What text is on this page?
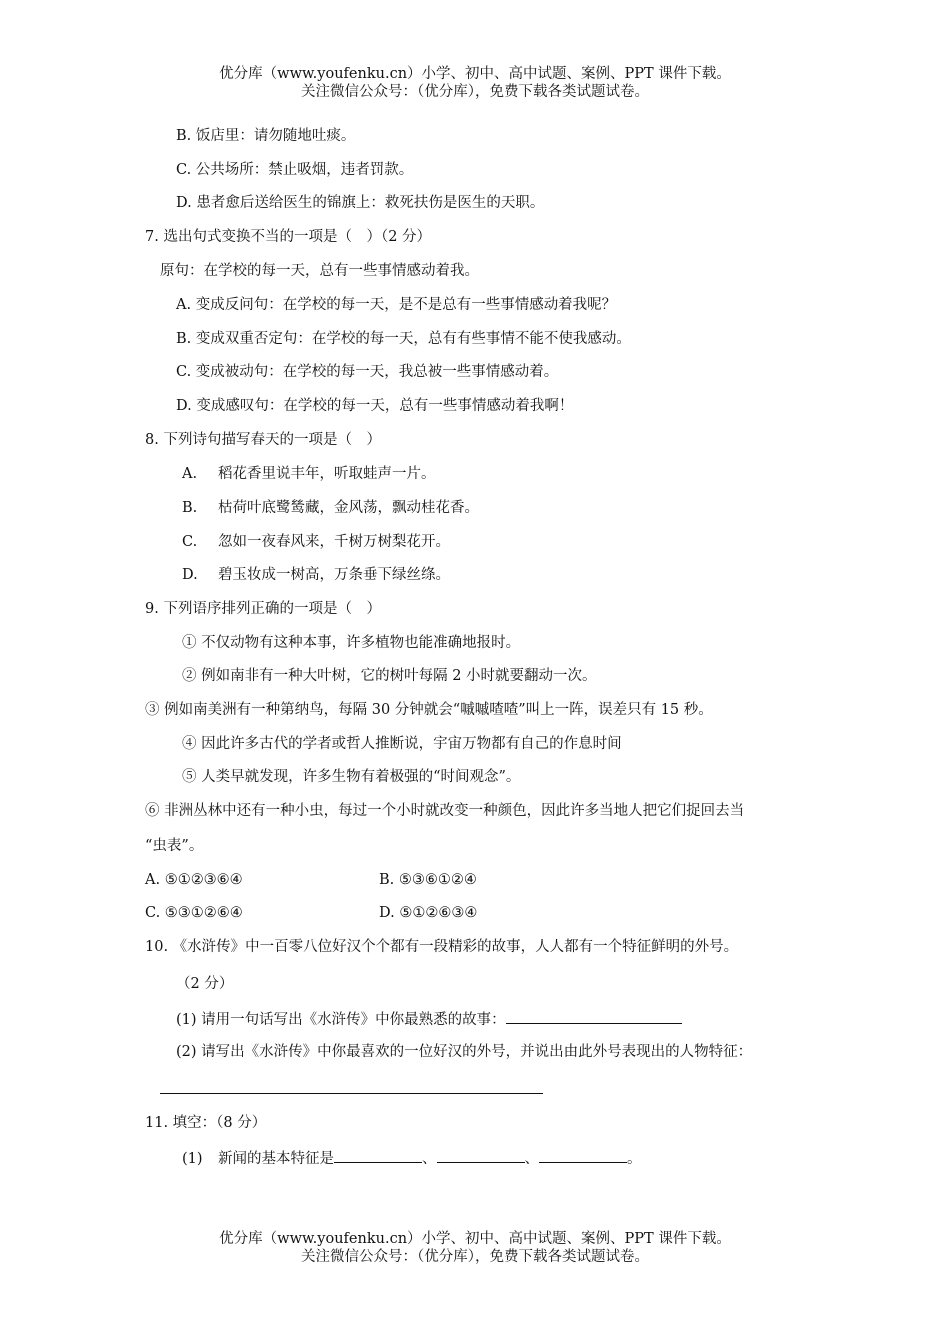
优分库（www.youfenku.cn）小学、初中、高中试题、案例、PPT 课件下载。
关注微信公众号：（优分库），免费下载各类试题试卷。
B. 饭店里：请勿随地吐痰。
C. 公共场所：禁止吸烟，违者罚款。
D. 患者愈后送给医生的锦旗上：救死扶伤是医生的天职。
7. 选出句式变换不当的一项是（　）（2 分）
原句：在学校的每一天，总有一些事情感动着我。
A. 变成反问句：在学校的每一天，是不是总有一些事情感动着我呢？
B. 变成双重否定句：在学校的每一天，总有有些事情不能不使我感动。
C. 变成被动句：在学校的每一天，我总被一些事情感动着。
D. 变成感叹句：在学校的每一天，总有一些事情感动着我啊！
8. 下列诗句描写春天的一项是（　）
A. 稻花香里说丰年，听取蛙声一片。
B. 枯荷叶底鹭鸶藏，金风荡，飘动桂花香。
C. 忽如一夜春风来，千树万树梨花开。
D. 碧玉妆成一树高，万条垂下绿丝绦。
9. 下列语序排列正确的一项是（　）
① 不仅动物有这种本事，许多植物也能准确地报时。
② 例如南非有一种大叶树，它的树叶每隔 2 小时就要翻动一次。
③ 例如南美洲有一种第纳鸟，每隔 30 分钟就会“嘁嘁喳喳”叫上一阵，误差只有 15 秒。
④ 因此许多古代的学者或哲人推断说，宇宙万物都有自己的作息时间
⑤ 人类早就发现，许多生物有着极强的“时间观念”。
⑥ 非洲丛林中还有一种小虫，每过一个小时就改变一种颜色，因此许多当地人把它们捉回去当
“虫表”。
A. ⑤①②③⑥④	B. ⑤③⑥①②④
C. ⑤③①②⑥④	D. ⑤①②⑥③④
10. 《水浒传》中一百零八位好汉个个都有一段精彩的故事，人人都有一个特征鲜明的外号。
（2 分）
(1) 请用一句话写出《水浒传》中你最熟悉的故事：
(2) 请写出《水浒传》中你最喜欢的一位好汉的外号，并说出由此外号表现出的人物特征：
11. 填空：（8 分）
(1) 新闻的基本特征是	、	、	。
优分库（www.youfenku.cn）小学、初中、高中试题、案例、PPT 课件下载。
关注微信公众号：（优分库），免费下载各类试题试卷。
